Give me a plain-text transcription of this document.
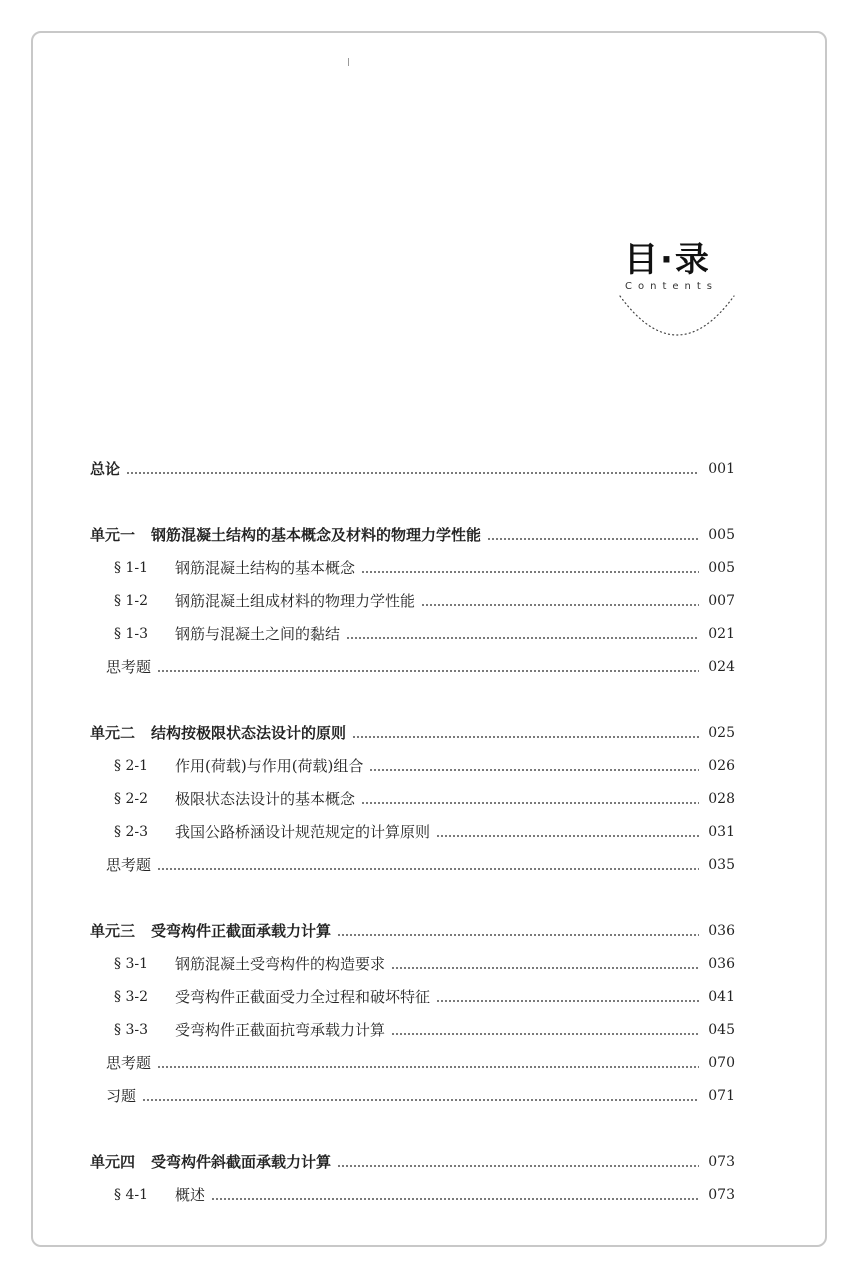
目·录
Contents
总论	001
单元一 钢筋混凝土结构的基本概念及材料的物理力学性能	005
§ 1-1	钢筋混凝土结构的基本概念	005
§ 1-2	钢筋混凝土组成材料的物理力学性能	007
§ 1-3	钢筋与混凝土之间的黏结	021
思考题	024
单元二 结构按极限状态法设计的原则	025
§ 2-1	作用(荷载)与作用(荷载)组合	026
§ 2-2	极限状态法设计的基本概念	028
§ 2-3	我国公路桥涵设计规范规定的计算原则	031
思考题	035
单元三 受弯构件正截面承载力计算	036
§ 3-1	钢筋混凝土受弯构件的构造要求	036
§ 3-2	受弯构件正截面受力全过程和破坏特征	041
§ 3-3	受弯构件正截面抗弯承载力计算	045
思考题	070
习题	071
单元四 受弯构件斜截面承载力计算	073
§ 4-1	概述	073
